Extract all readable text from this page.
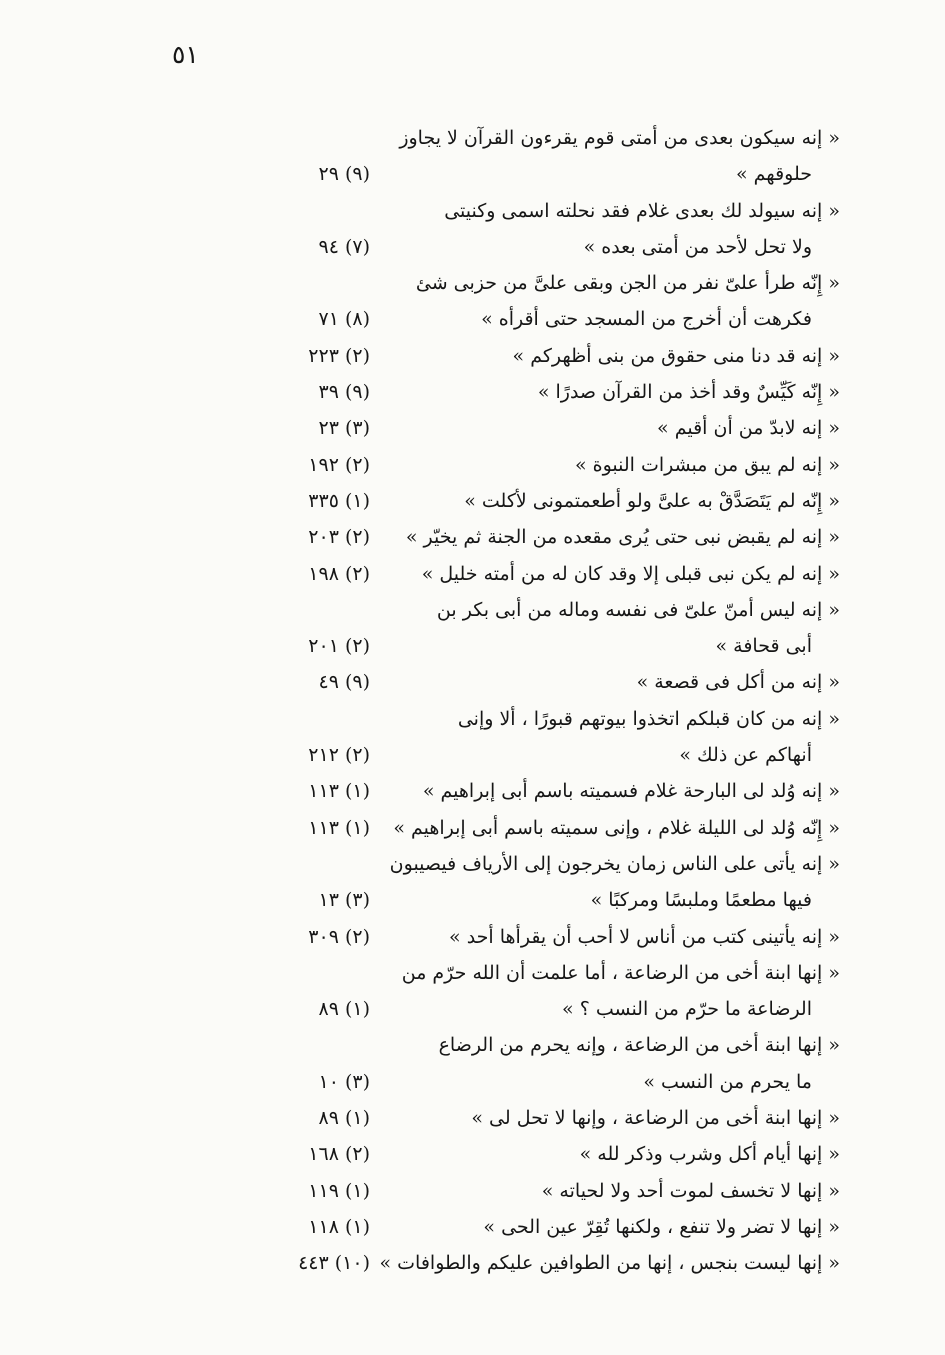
٥١
« إنه سيكون بعدى من أمتى قوم يقرءون القرآن لا يجاوز
حلوقهم »
(٩) ٢٩
« إنه سيولد لك بعدى غلام فقد نحلته اسمى وكنيتى
ولا تحل لأحد من أمتى بعده »
(٧) ٩٤
« إِنّه طرأ علىّ نفر من الجن وبقى علىَّ من حزبى شئ
فكرهت أن أخرج من المسجد حتى أقرأه »
(٨) ٧١
« إنه قد دنا منى حقوق من بنى أظهركم »
(٢) ٢٢٣
« إِنّه كَيِّسٌ وقد أخذ من القرآن صدرًا »
(٩) ٣٩
« إنه لابدّ من أن أقيم »
(٣) ٢٣
« إنه لم يبق من مبشرات النبوة »
(٢) ١٩٢
« إِنّه لم يَتَصَدَّقْ به علىَّ ولو أطعمتمونى لأكلت »
(١) ٣٣٥
« إنه لم يقبض نبى حتى يُرى مقعده من الجنة ثم يخيّر »
(٢) ٢٠٣
« إنه لم يكن نبى قبلى إلا وقد كان له من أمته خليل »
(٢) ١٩٨
« إنه ليس أمنّ علىّ فى نفسه وماله من أبى بكر بن
أبى قحافة »
(٢) ٢٠١
« إنه من أكل فى قصعة »
(٩) ٤٩
« إنه من كان قبلكم اتخذوا بيوتهم قبورًا ، ألا وإنى
أنهاكم عن ذلك »
(٢) ٢١٢
« إنه وُلد لى البارحة غلام فسميته باسم أبى إبراهيم »
(١) ١١٣
« إِنّه وُلد لى الليلة غلام ، وإنى سميته باسم أبى إبراهيم »
(١) ١١٣
« إنه يأتى على الناس زمان يخرجون إلى الأرياف فيصيبون
فيها مطعمًا وملبسًا ومركبًا »
(٣) ١٣
« إنه يأتينى كتب من أناس لا أحب أن يقرأها أحد »
(٢) ٣٠٩
« إنها ابنة أخى من الرضاعة ، أما علمت أن الله حرّم من
الرضاعة ما حرّم من النسب ؟ »
(١) ٨٩
« إنها ابنة أخى من الرضاعة ، وإنه يحرم من الرضاع
ما يحرم من النسب »
(٣) ١٠
« إنها ابنة أخى من الرضاعة ، وإنها لا تحل لى »
(١) ٨٩
« إنها أيام أكل وشرب وذكر لله »
(٢) ١٦٨
« إنها لا تخسف لموت أحد ولا لحياته »
(١) ١١٩
« إنها لا تضر ولا تنفع ، ولكنها تُقِرّ عين الحى »
(١) ١١٨
« إنها ليست بنجس ، إنها من الطوافين عليكم والطوافات »
(١٠) ٤٤٣
